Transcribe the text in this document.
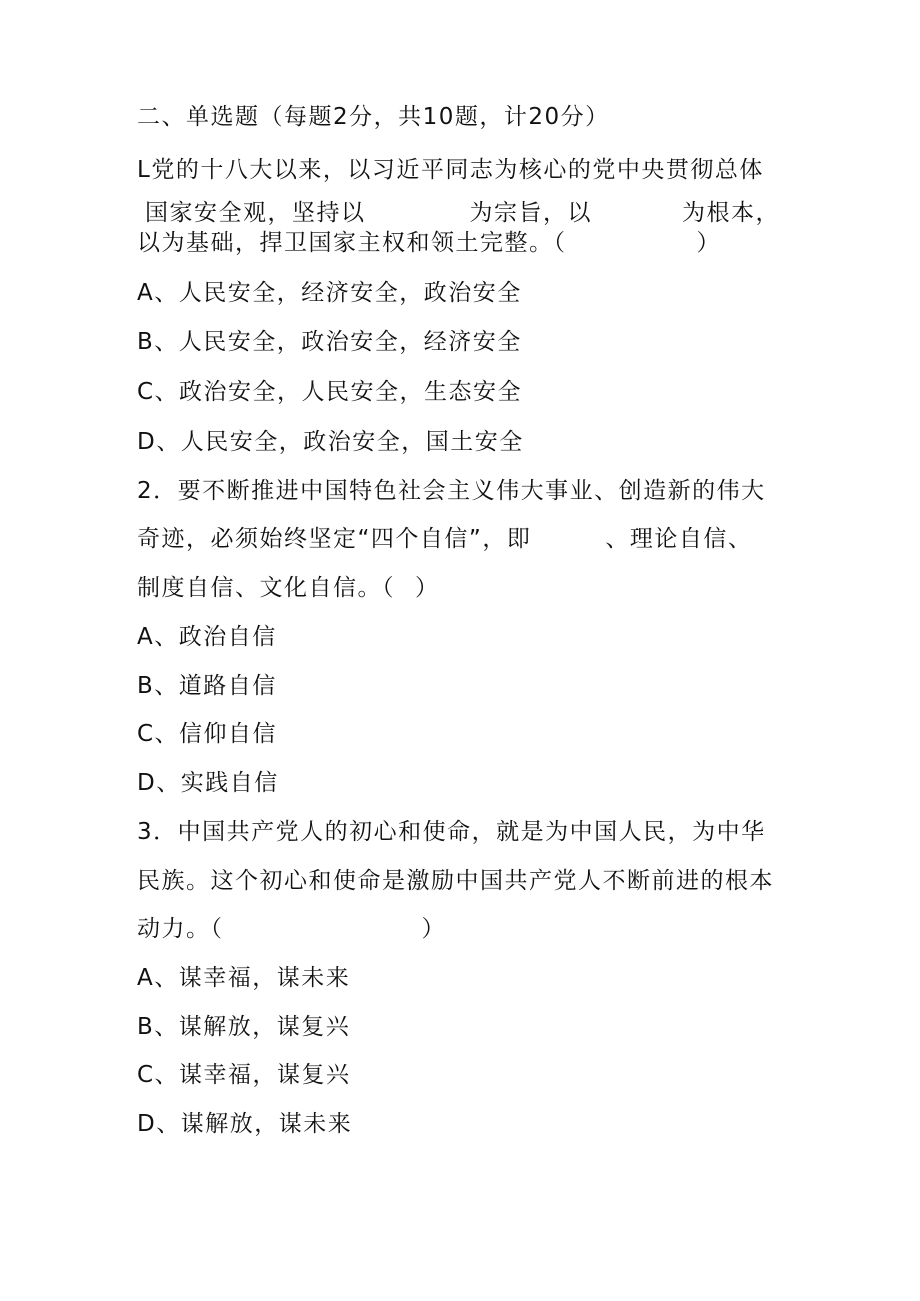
二、单选题（每题2分，共10题，计20分）
L党的十八大以来，以习近平同志为核心的党中央贯彻总体
国家安全观，坚持以	为宗旨，以	为根本，
以为基础，捍卫国家主权和领土完整。（	）
A、人民安全，经济安全，政治安全
B、人民安全，政治安全，经济安全
C、政治安全，人民安全，生态安全
D、人民安全，政治安全，国土安全
2．要不断推进中国特色社会主义伟大事业、创造新的伟大
奇迹，必须始终坚定“四个自信”，即	、理论自信、
制度自信、文化自信。（ ）
A、政治自信
B、道路自信
C、信仰自信
D、实践自信
3．中国共产党人的初心和使命，就是为中国人民，为中华
民族。这个初心和使命是激励中国共产党人不断前进的根本
动力。（	）
A、谋幸福，谋未来
B、谋解放，谋复兴
C、谋幸福，谋复兴
D、谋解放，谋未来
